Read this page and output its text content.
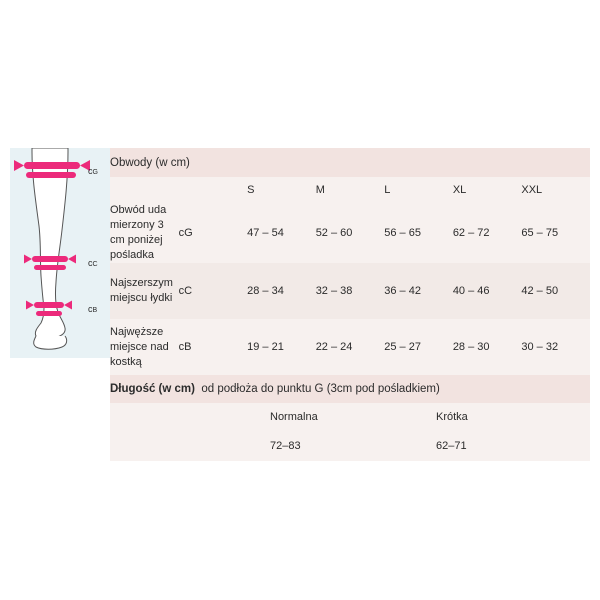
cG
cC
cB
Obwody (w cm)						
		S	M	L	XL	XXL
Obwód uda mierzony 3 cm poniżej pośladka	cG	47 – 54	52 – 60	56 – 65	62 – 72	65 – 75
Najszerszym miejscu łydki	cC	28 – 34	32 – 38	36 – 42	40 – 46	42 – 50
Najwęższe miejsce nad kostką	cB	19 – 21	22 – 24	25 – 27	28 – 30	30 – 32
Długość (w cm) od podłoża do punktu G (3cm pod pośladkiem)		
	Normalna	Krótka
	72–83	62–71
